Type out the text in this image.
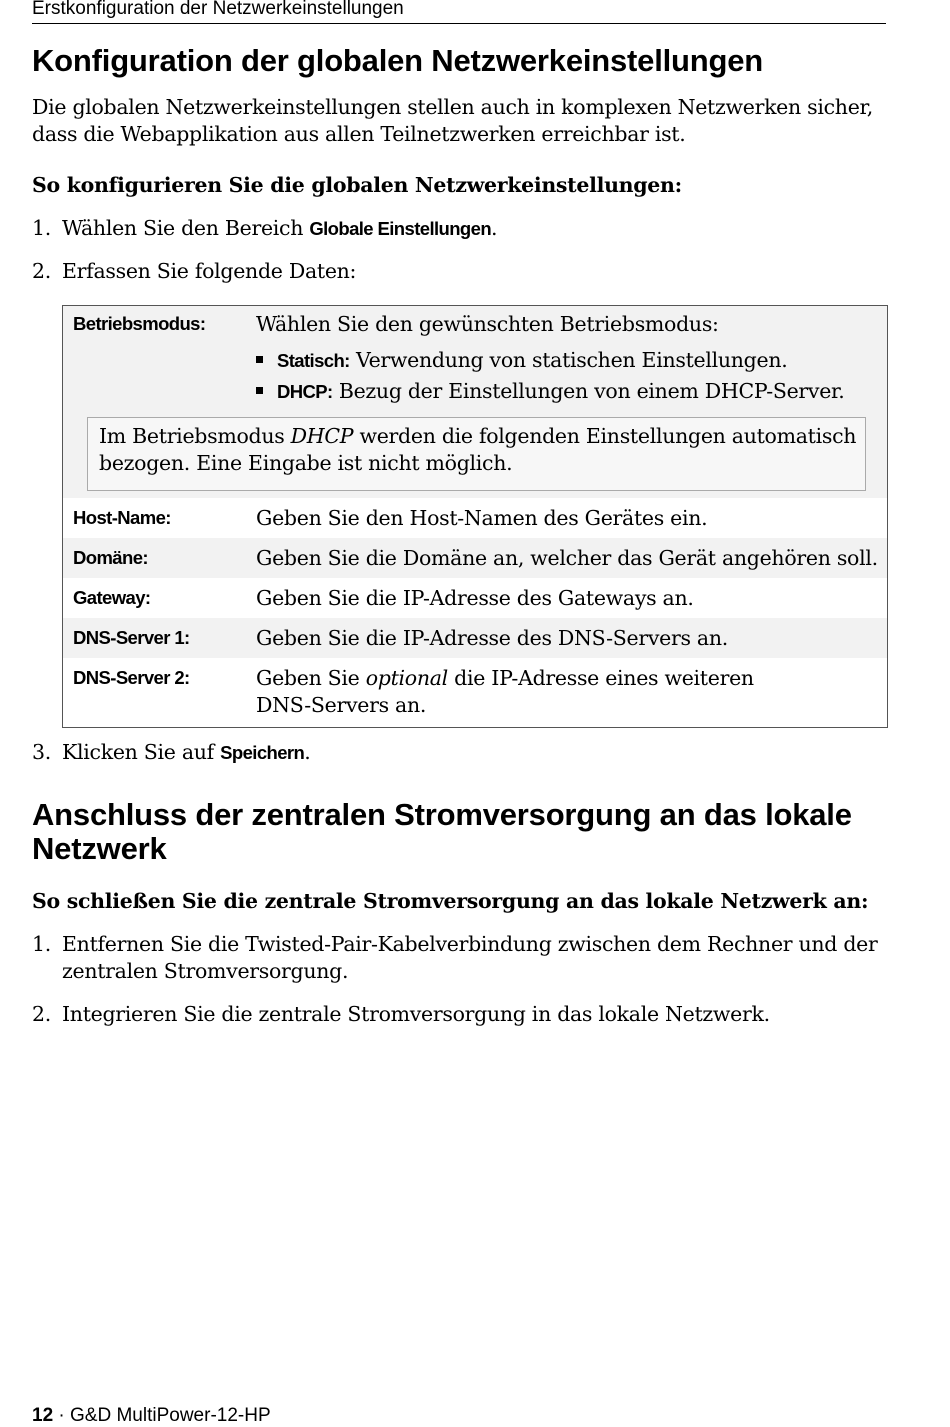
Erstkonfiguration der Netzwerkeinstellungen
Konfiguration der globalen Netzwerkeinstellungen
Die globalen Netzwerkeinstellungen stellen auch in komplexen Netzwerken sicher, dass die Webapplikation aus allen Teilnetzwerken erreichbar ist.
So konfigurieren Sie die globalen Netzwerkeinstellungen:
1. Wählen Sie den Bereich Globale Einstellungen.
2. Erfassen Sie folgende Daten:
Betriebsmodus: Wählen Sie den gewünschten Betriebsmodus:
Statisch: Verwendung von statischen Einstellungen.
DHCP: Bezug der Einstellungen von einem DHCP-Server.
Im Betriebsmodus DHCP werden die folgenden Einstellungen automatisch bezogen. Eine Eingabe ist nicht möglich.
Host-Name:	Geben Sie den Host-Namen des Gerätes ein.
Domäne:	Geben Sie die Domäne an, welcher das Gerät angehören soll.
Gateway:	Geben Sie die IP-Adresse des Gateways an.
DNS-Server 1:	Geben Sie die IP-Adresse des DNS-Servers an.
DNS-Server 2:	Geben Sie optional die IP-Adresse eines weiteren DNS-Servers an.
3. Klicken Sie auf Speichern.
Anschluss der zentralen Stromversorgung an das lokale Netzwerk
So schließen Sie die zentrale Stromversorgung an das lokale Netzwerk an:
1. Entfernen Sie die Twisted-Pair-Kabelverbindung zwischen dem Rechner und der zentralen Stromversorgung.
2. Integrieren Sie die zentrale Stromversorgung in das lokale Netzwerk.
12 · G&D MultiPower-12-HP
